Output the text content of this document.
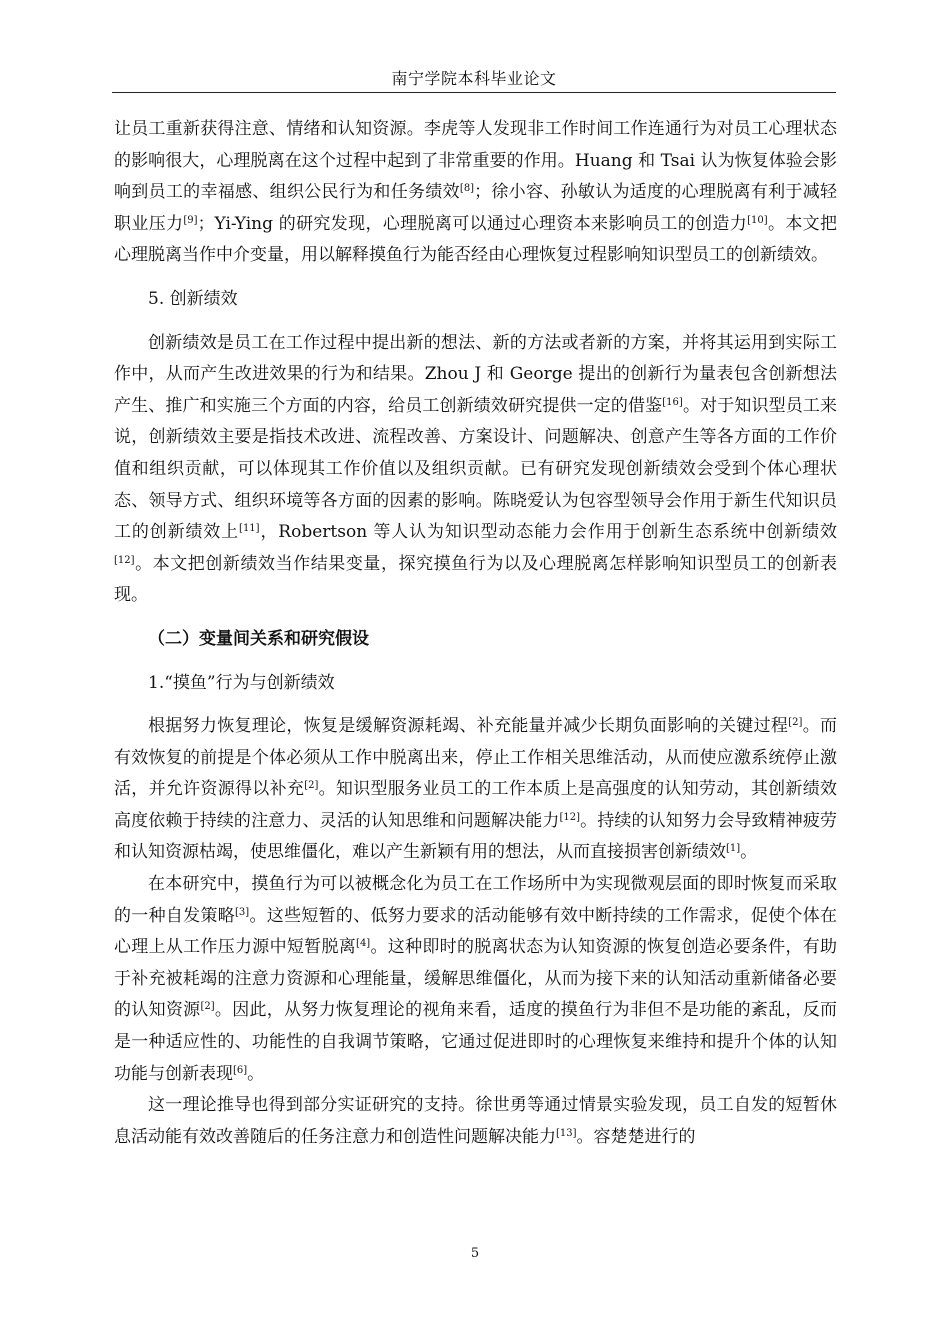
南宁学院本科毕业论文

让员工重新获得注意、情绪和认知资源。李虎等人发现非工作时间工作连通行为对员工心理状态的影响很大，心理脱离在这个过程中起到了非常重要的作用。Huang 和 Tsai 认为恢复体验会影响到员工的幸福感、组织公民行为和任务绩效[8]；徐小容、孙敏认为适度的心理脱离有利于减轻职业压力[9]；Yi-Ying 的研究发现，心理脱离可以通过心理资本来影响员工的创造力[10]。本文把心理脱离当作中介变量，用以解释摸鱼行为能否经由心理恢复过程影响知识型员工的创新绩效。

5. 创新绩效

创新绩效是员工在工作过程中提出新的想法、新的方法或者新的方案，并将其运用到实际工作中，从而产生改进效果的行为和结果。Zhou J 和 George 提出的创新行为量表包含创新想法产生、推广和实施三个方面的内容，给员工创新绩效研究提供一定的借鉴[16]。对于知识型员工来说，创新绩效主要是指技术改进、流程改善、方案设计、问题解决、创意产生等各方面的工作价值和组织贡献，可以体现其工作价值以及组织贡献。已有研究发现创新绩效会受到个体心理状态、领导方式、组织环境等各方面的因素的影响。陈晓爱认为包容型领导会作用于新生代知识员工的创新绩效上[11]，Robertson 等人认为知识型动态能力会作用于创新生态系统中创新绩效[12]。本文把创新绩效当作结果变量，探究摸鱼行为以及心理脱离怎样影响知识型员工的创新表现。

（二）变量间关系和研究假设
1.“摸鱼”行为与创新绩效

根据努力恢复理论，恢复是缓解资源耗竭、补充能量并减少长期负面影响的关键过程[2]。而有效恢复的前提是个体必须从工作中脱离出来，停止工作相关思维活动，从而使应激系统停止激活，并允许资源得以补充[2]。知识型服务业员工的工作本质上是高强度的认知劳动，其创新绩效高度依赖于持续的注意力、灵活的认知思维和问题解决能力[12]。持续的认知努力会导致精神疲劳和认知资源枯竭，使思维僵化，难以产生新颖有用的想法，从而直接损害创新绩效[1]。

在本研究中，摸鱼行为可以被概念化为员工在工作场所中为实现微观层面的即时恢复而采取的一种自发策略[3]。这些短暂的、低努力要求的活动能够有效中断持续的工作需求，促使个体在心理上从工作压力源中短暂脱离[4]。这种即时的脱离状态为认知资源的恢复创造必要条件，有助于补充被耗竭的注意力资源和心理能量，缓解思维僵化，从而为接下来的认知活动重新储备必要的认知资源[2]。因此，从努力恢复理论的视角来看，适度的摸鱼行为非但不是功能的紊乱，反而是一种适应性的、功能性的自我调节策略，它通过促进即时的心理恢复来维持和提升个体的认知功能与创新表现[6]。

这一理论推导也得到部分实证研究的支持。徐世勇等通过情景实验发现，员工自发的短暂休息活动能有效改善随后的任务注意力和创造性问题解决能力[13]。容楚楚进行的

5
